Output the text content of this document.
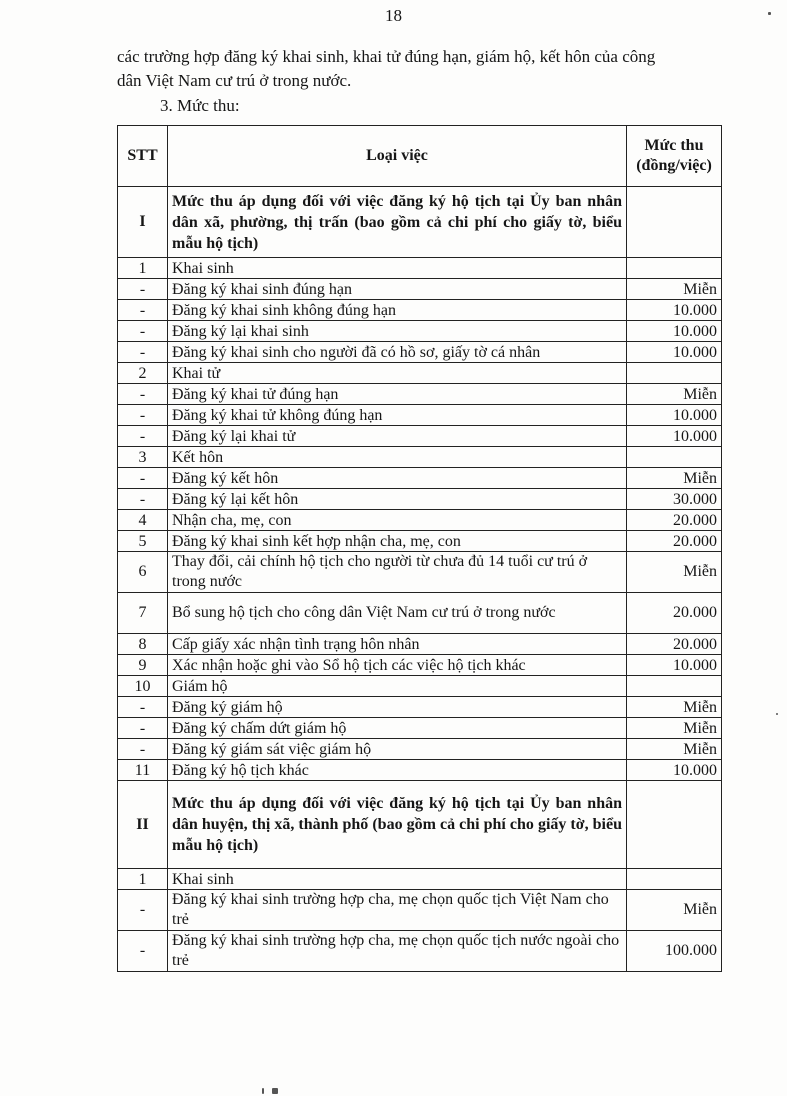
18
các trường hợp đăng ký khai sinh, khai tử đúng hạn, giám hộ, kết hôn của công
dân Việt Nam cư trú ở trong nước.
3. Mức thu:
STT	Loại việc	Mức thu
(đồng/việc)
I	Mức thu áp dụng đối với việc đăng ký hộ tịch tại Ủy ban nhân dân xã, phường, thị trấn (bao gồm cả chi phí cho giấy tờ, biểu mẫu hộ tịch)	
1	Khai sinh	
-	Đăng ký khai sinh đúng hạn	Miễn
-	Đăng ký khai sinh không đúng hạn	10.000
-	Đăng ký lại khai sinh	10.000
-	Đăng ký khai sinh cho người đã có hồ sơ, giấy tờ cá nhân	10.000
2	Khai tử	
-	Đăng ký khai tử đúng hạn	Miễn
-	Đăng ký khai tử không đúng hạn	10.000
-	Đăng ký lại khai tử	10.000
3	Kết hôn	
-	Đăng ký kết hôn	Miễn
-	Đăng ký lại kết hôn	30.000
4	Nhận cha, mẹ, con	20.000
5	Đăng ký khai sinh kết hợp nhận cha, mẹ, con	20.000
6	Thay đổi, cải chính hộ tịch cho người từ chưa đủ 14 tuổi cư trú ở trong nước	Miễn
7	Bổ sung hộ tịch cho công dân Việt Nam cư trú ở trong nước	20.000
8	Cấp giấy xác nhận tình trạng hôn nhân	20.000
9	Xác nhận hoặc ghi vào Sổ hộ tịch các việc hộ tịch khác	10.000
10	Giám hộ	
-	Đăng ký giám hộ	Miễn
-	Đăng ký chấm dứt giám hộ	Miễn
-	Đăng ký giám sát việc giám hộ	Miễn
11	Đăng ký hộ tịch khác	10.000
II	Mức thu áp dụng đối với việc đăng ký hộ tịch tại Ủy ban nhân dân huyện, thị xã, thành phố (bao gồm cả chi phí cho giấy tờ, biểu mẫu hộ tịch)	
1	Khai sinh	
-	Đăng ký khai sinh trường hợp cha, mẹ chọn quốc tịch Việt Nam cho trẻ	Miễn
-	Đăng ký khai sinh trường hợp cha, mẹ chọn quốc tịch nước ngoài cho trẻ	100.000
